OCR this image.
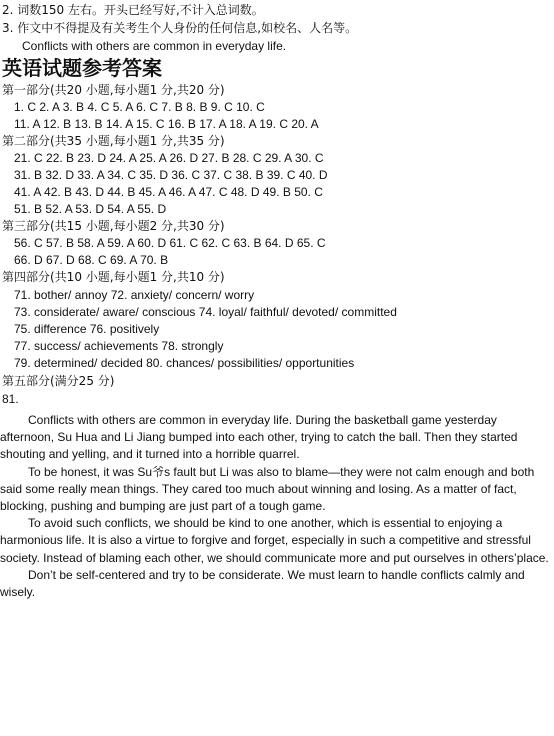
2. 词数150 左右。开头已经写好,不计入总词数。
3. 作文中不得提及有关考生个人身份的任何信息,如校名、人名等。
Conflicts with others are common in everyday life.
英语试题参考答案
第一部分(共20 小题,每小题1 分,共20 分)
1. C 2. A 3. B 4. C 5. A 6. C 7. B 8. B 9. C 10. C
11. A 12. B 13. B 14. A 15. C 16. B 17. A 18. A 19. C 20. A
第二部分(共35 小题,每小题1 分,共35 分)
21. C 22. B 23. D 24. A 25. A 26. D 27. B 28. C 29. A 30. C
31. B 32. D 33. A 34. C 35. D 36. C 37. C 38. B 39. C 40. D
41. A 42. B 43. D 44. B 45. A 46. A 47. C 48. D 49. B 50. C
51. B 52. A 53. D 54. A 55. D
第三部分(共15 小题,每小题2 分,共30 分)
56. C 57. B 58. A 59. A 60. D 61. C 62. C 63. B 64. D 65. C
66. D 67. D 68. C 69. A 70. B
第四部分(共10 小题,每小题1 分,共10 分)
71. bother/ annoy 72. anxiety/ concern/ worry
73. considerate/ aware/ conscious 74. loyal/ faithful/ devoted/ committed
75. difference 76. positively
77. success/ achievements 78. strongly
79. determined/ decided 80. chances/ possibilities/ opportunities
第五部分(满分25 分)
81.

Conflicts with others are common in everyday life. During the basketball game yesterday afternoon, Su Hua and Li Jiang bumped into each other, trying to catch the ball. Then they started shouting and yelling, and it turned into a horrible quarrel.

To be honest, it was Su爷s fault but Li was also to blame—they were not calm enough and both said some really mean things. They cared too much about winning and losing. As a matter of fact, blocking, pushing and bumping are just part of a tough game.

To avoid such conflicts, we should be kind to one another, which is essential to enjoying a harmonious life. It is also a virtue to forgive and forget, especially in such a competitive and stressful society. Instead of blaming each other, we should communicate more and put ourselves in others’place.

Don’t be self-centered and try to be considerate. We must learn to handle conflicts calmly and wisely.
